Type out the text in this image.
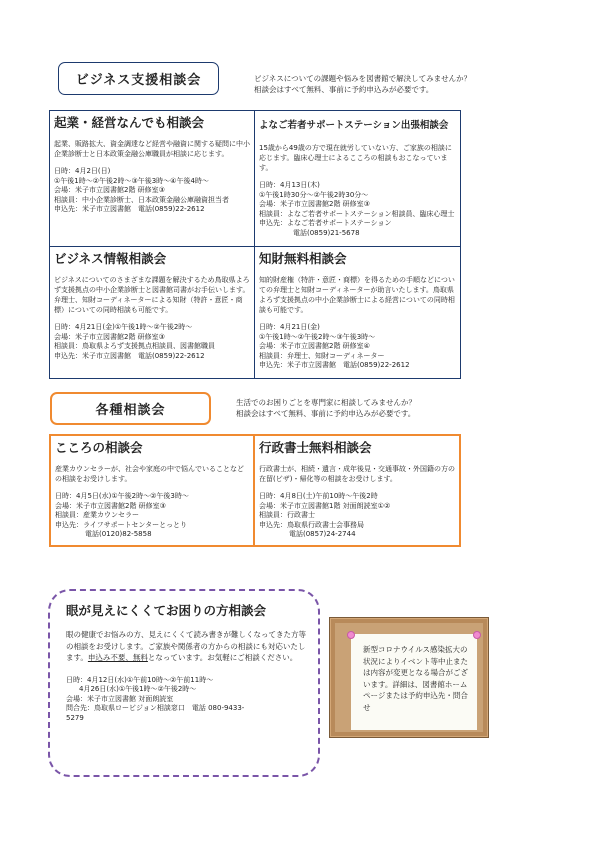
ビジネス支援相談会	ビジネスについての課題や悩みを図書館で解決してみませんか？
相談会はすべて無料、事前に予約申込みが必要です。
起業・経営なんでも相談会
起業、販路拡大、資金調達など経営や融資に関する疑問に中小企業診断士と日本政策金融公庫職員が相談に応じます。
日時：4月2日(日)
①午後1時～②午後2時～③午後3時～④午後4時～
会場：米子市立図書館2階 研修室③
相談員：中小企業診断士、日本政策金融公庫融資担当者
申込先：米子市立図書館　電話(0859)22-2612
よなご若者サポートステーション出張相談会
15歳から49歳の方で現在就労していない方、ご家族の相談に応じます。臨床心理士によるこころの相談もおこなっています。
日時：4月13日(木)
①午後1時30分～②午後2時30分～
会場：米子市立図書館2階 研修室③
相談員：よなご若者サポートステーション相談員、臨床心理士
申込先：よなご若者サポートステーション
電話(0859)21-5678
ビジネス情報相談会
ビジネスについてのさまざまな課題を解決するため鳥取県よろず支援拠点の中小企業診断士と図書館司書がお手伝いします。弁理士、知財コーディネーターによる知財（特許・意匠・商標）についての同時相談も可能です。
日時：4月21日(金)①午後1時～②午後2時～
会場：米子市立図書館2階 研修室③
相談員：鳥取県よろず支援拠点相談員、図書館職員
申込先：米子市立図書館　電話(0859)22-2612
知財無料相談会
知的財産権（特許・意匠・商標）を得るための手順などについての弁理士と知財コーディネーターが助言いたします。鳥取県よろず支援拠点の中小企業診断士による経営についての同時相談も可能です。
日時：4月21日(金)
①午後1時～②午後2時～③午後3時～
会場：米子市立図書館2階 研修室④
相談員：弁理士、知財コーディネーター
申込先：米子市立図書館　電話(0859)22-2612
各種相談会
生活でのお困りごとを専門家に相談してみませんか？
相談会はすべて無料、事前に予約申込みが必要です。
こころの相談会
産業カウンセラーが、社会や家庭の中で悩んでいることなどの相談をお受けします。
日時：4月5日(水)①午後2時～②午後3時～
会場：米子市立図書館2階 研修室③
相談員：産業カウンセラー
申込先：ライフサポートセンターとっとり
電話(0120)82-5858
行政書士無料相談会
行政書士が、相続・遺言・成年後見・交通事故・外国籍の方の在留(ビザ)・帰化等の相談をお受けします。
日時：4月8日(土)午前10時～午後2時
会場：米子市立図書館1階 対面朗読室①②
相談員：行政書士
申込先：鳥取県行政書士会事務局
電話(0857)24-2744
眼が見えにくくてお困りの方相談会
眼の健康でお悩みの方、見えにくくて読み書きが難しくなってきた方等の相談をお受けします。ご家族や関係者の方からの相談にも対応いたします。申込み不要、無料となっています。お気軽にご相談ください。
日時：4月12日(水)①午前10時～②午前11時～
4月26日(水)①午後1時～②午後2時～
会場：米子市立図書館 対面朗読室
問合先：鳥取県ロービジョン相談窓口　電話 080-9433-
5279
新型コロナウイルス感染拡大の状況によりイベント等中止または内容が変更となる場合がございます。詳細は、図書館ホームページまたは予約申込先・問合せ
